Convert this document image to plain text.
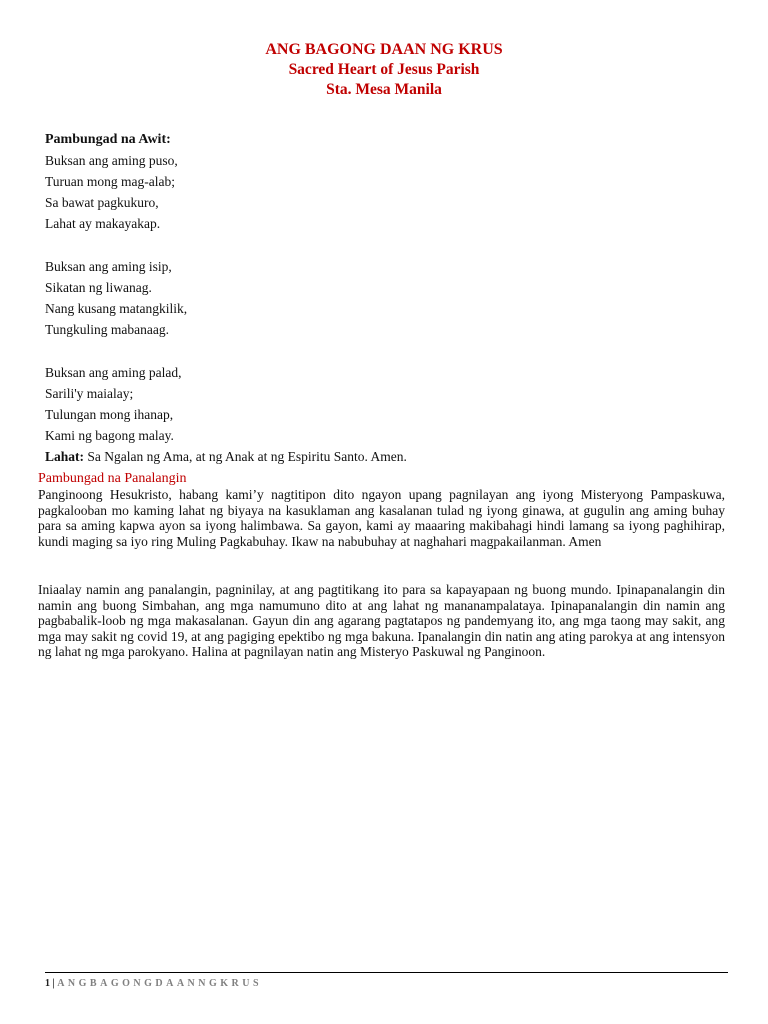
ANG BAGONG DAAN NG KRUS
Sacred Heart of Jesus Parish
Sta. Mesa Manila
Pambungad na Awit:
Buksan ang aming puso,
Turuan mong mag-alab;
Sa bawat pagkukuro,
Lahat ay makayakap.
Buksan ang aming isip,
Sikatan ng liwanag.
Nang kusang matangkilik,
Tungkuling mabanaag.
Buksan ang aming palad,
Sarili'y maialay;
Tulungan mong ihanap,
Kami ng bagong malay.
Lahat: Sa Ngalan ng Ama, at ng Anak at ng Espiritu Santo. Amen.
Pambungad na Panalangin

Panginoong Hesukristo, habang kami’y nagtitipon dito ngayon upang pagnilayan ang iyong Misteryong Pampaskuwa, pagkalooban mo kaming lahat ng biyaya na kasuklaman ang kasalanan tulad ng iyong ginawa, at gugulin ang aming buhay para sa aming kapwa ayon sa iyong halimbawa. Sa gayon, kami ay maaaring makibahagi hindi lamang sa iyong paghihirap, kundi maging sa iyo ring Muling Pagkabuhay. Ikaw na nabubuhay at naghahari magpakailanman. Amen

Iniaalay namin ang panalangin, pagninilay, at ang pagtitikang ito para sa kapayapaan ng buong mundo. Ipinapanalangin din namin ang buong Simbahan, ang mga namumuno dito at ang lahat ng mananampalataya. Ipinapanalangin din namin ang pagbabalik-loob ng mga makasalanan. Gayun din ang agarang pagtatapos ng pandemyang ito, ang mga taong may sakit, ang mga may sakit ng covid 19, at ang pagiging epektibo ng mga bakuna. Ipanalangin din natin ang ating parokya at ang intensyon ng lahat ng mga parokyano. Halina at pagnilayan natin ang Misteryo Paskuwal ng Panginoon.

1 | ANGBAGONGDAANNGKRUS
